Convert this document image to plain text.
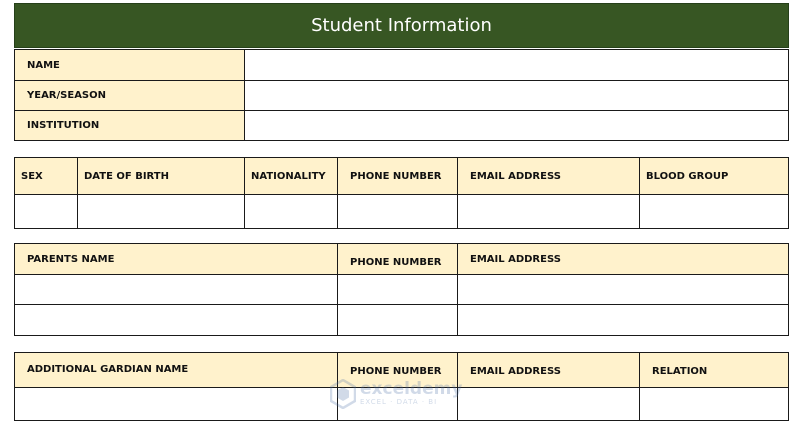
Student Information
NAME
YEAR/SEASON
INSTITUTION
SEX	DATE OF BIRTH	NATIONALITY	PHONE NUMBER	EMAIL ADDRESS	BLOOD GROUP
PARENTS NAME	PHONE NUMBER	EMAIL ADDRESS
ADDITIONAL GARDIAN NAME	PHONE NUMBER	EMAIL ADDRESS	RELATION
exceldemy
EXCEL · DATA · BI
